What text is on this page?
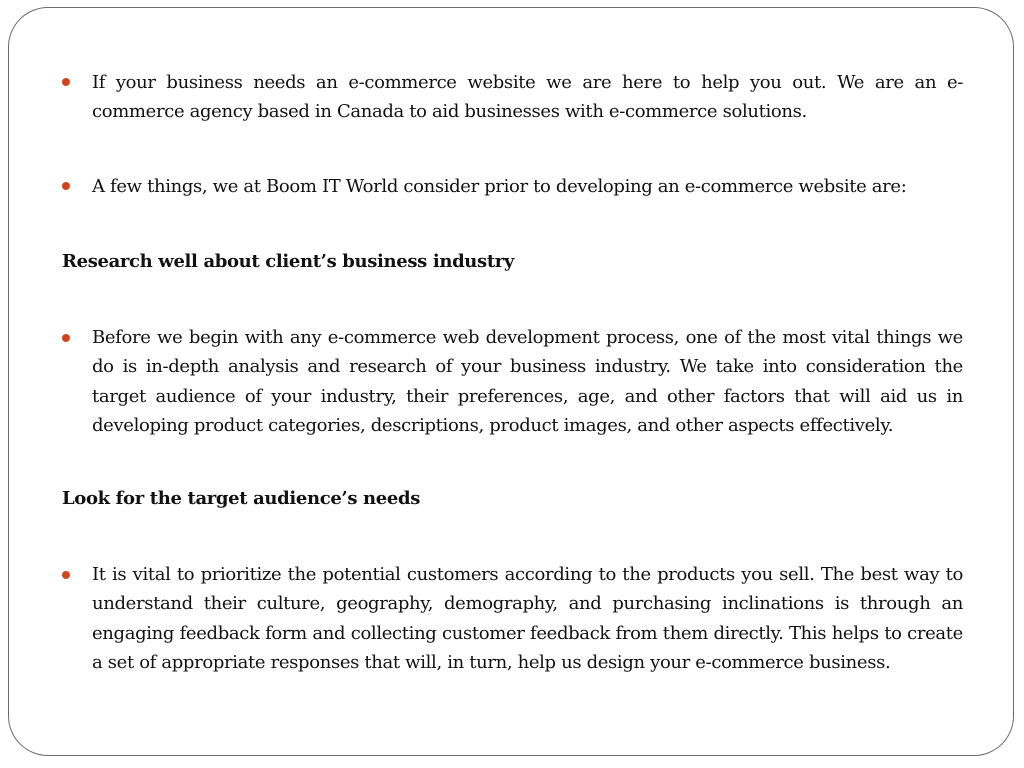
If your business needs an e-commerce website we are here to help you out. We are an e-commerce agency based in Canada to aid businesses with e-commerce solutions.

A few things, we at Boom IT World consider prior to developing an e-commerce website are:

Research well about client’s business industry

Before we begin with any e-commerce web development process, one of the most vital things we do is in-depth analysis and research of your business industry. We take into consideration the target audience of your industry, their preferences, age, and other factors that will aid us in developing product categories, descriptions, product images, and other aspects effectively.

Look for the target audience’s needs

It is vital to prioritize the potential customers according to the products you sell. The best way to understand their culture, geography, demography, and purchasing inclinations is through an engaging feedback form and collecting customer feedback from them directly. This helps to create a set of appropriate responses that will, in turn, help us design your e-commerce business.
